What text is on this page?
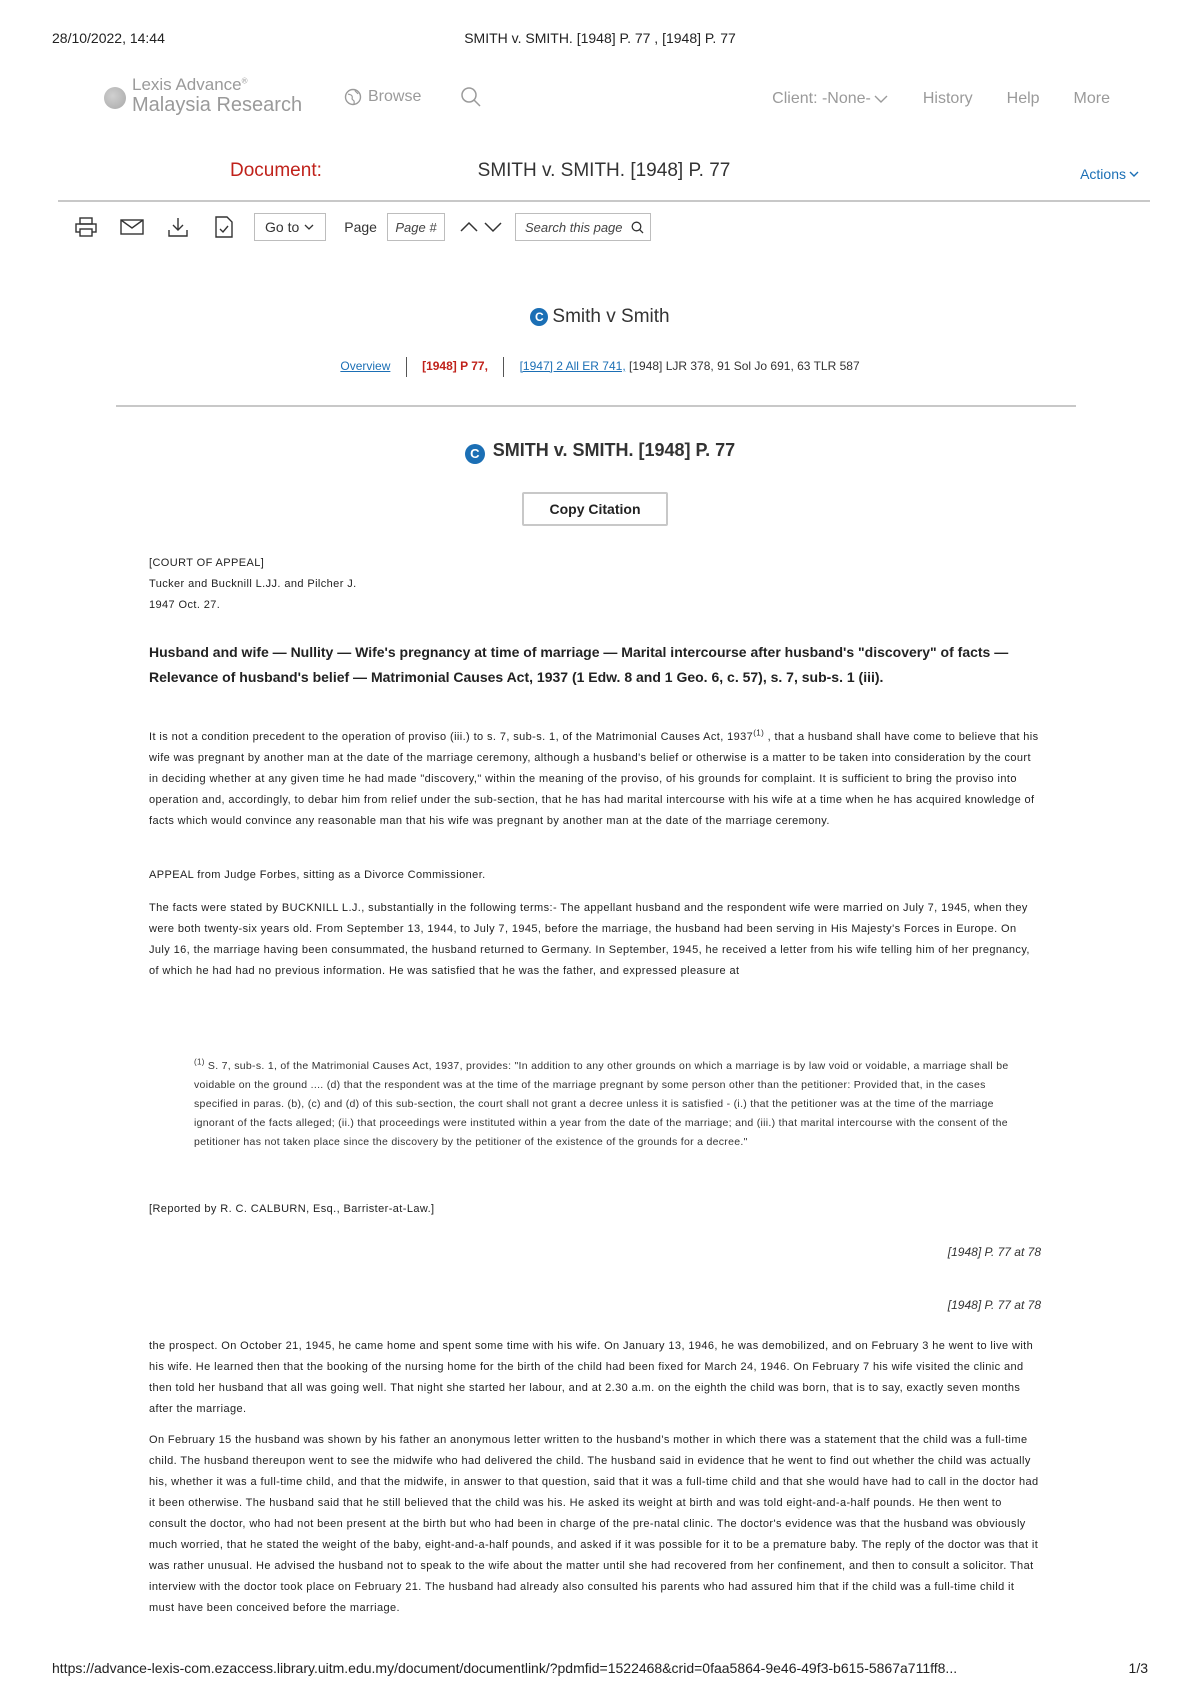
28/10/2022, 14:44	SMITH v. SMITH. [1948] P. 77 , [1948] P. 77
Lexis Advance®
Malaysia Research	Browse	Client: -None-	History Help More
Document:	SMITH v. SMITH. [1948] P. 77	Actions
Go to	Page	Page #	Search this page
C Smith v Smith
Overview	[1948] P 77,	[1947] 2 All ER 741, [1948] LJR 378, 91 Sol Jo 691, 63 TLR 587
C SMITH v. SMITH. [1948] P. 77
Copy Citation
[COURT OF APPEAL]
Tucker and Bucknill L.JJ. and Pilcher J.
1947 Oct. 27.
Husband and wife — Nullity — Wife's pregnancy at time of marriage — Marital intercourse after husband's "discovery" of facts — Relevance of husband's belief — Matrimonial Causes Act, 1937 (1 Edw. 8 and 1 Geo. 6, c. 57), s. 7, sub-s. 1 (iii).
It is not a condition precedent to the operation of proviso (iii.) to s. 7, sub-s. 1, of the Matrimonial Causes Act, 1937$^{(1)}$ , that a husband shall have come to believe that his wife was pregnant by another man at the date of the marriage ceremony, although a husband's belief or otherwise is a matter to be taken into consideration by the court in deciding whether at any given time he had made "discovery," within the meaning of the proviso, of his grounds for complaint. It is sufficient to bring the proviso into operation and, accordingly, to debar him from relief under the sub-section, that he has had marital intercourse with his wife at a time when he has acquired knowledge of facts which would convince any reasonable man that his wife was pregnant by another man at the date of the marriage ceremony.
APPEAL from Judge Forbes, sitting as a Divorce Commissioner.
The facts were stated by BUCKNILL L.J., substantially in the following terms:- The appellant husband and the respondent wife were married on July 7, 1945, when they were both twenty-six years old. From September 13, 1944, to July 7, 1945, before the marriage, the husband had been serving in His Majesty's Forces in Europe. On July 16, the marriage having been consummated, the husband returned to Germany. In September, 1945, he received a letter from his wife telling him of her pregnancy, of which he had had no previous information. He was satisfied that he was the father, and expressed pleasure at
$^{(1)}$ S. 7, sub-s. 1, of the Matrimonial Causes Act, 1937, provides: "In addition to any other grounds on which a marriage is by law void or voidable, a marriage shall be voidable on the ground .... (d) that the respondent was at the time of the marriage pregnant by some person other than the petitioner: Provided that, in the cases specified in paras. (b), (c) and (d) of this sub-section, the court shall not grant a decree unless it is satisfied - (i.) that the petitioner was at the time of the marriage ignorant of the facts alleged; (ii.) that proceedings were instituted within a year from the date of the marriage; and (iii.) that marital intercourse with the consent of the petitioner has not taken place since the discovery by the petitioner of the existence of the grounds for a decree."
[Reported by R. C. CALBURN, Esq., Barrister-at-Law.]
[1948] P. 77 at 78
[1948] P. 77 at 78
the prospect. On October 21, 1945, he came home and spent some time with his wife. On January 13, 1946, he was demobilized, and on February 3 he went to live with his wife. He learned then that the booking of the nursing home for the birth of the child had been fixed for March 24, 1946. On February 7 his wife visited the clinic and then told her husband that all was going well. That night she started her labour, and at 2.30 a.m. on the eighth the child was born, that is to say, exactly seven months after the marriage.
On February 15 the husband was shown by his father an anonymous letter written to the husband's mother in which there was a statement that the child was a full-time child. The husband thereupon went to see the midwife who had delivered the child. The husband said in evidence that he went to find out whether the child was actually his, whether it was a full-time child, and that the midwife, in answer to that question, said that it was a full-time child and that she would have had to call in the doctor had it been otherwise. The husband said that he still believed that the child was his. He asked its weight at birth and was told eight-and-a-half pounds. He then went to consult the doctor, who had not been present at the birth but who had been in charge of the pre-natal clinic. The doctor's evidence was that the husband was obviously much worried, that he stated the weight of the baby, eight-and-a-half pounds, and asked if it was possible for it to be a premature baby. The reply of the doctor was that it was rather unusual. He advised the husband not to speak to the wife about the matter until she had recovered from her confinement, and then to consult a solicitor. That interview with the doctor took place on February 21. The husband had already also consulted his parents who had assured him that if the child was a full-time child it must have been conceived before the marriage.
https://advance-lexis-com.ezaccess.library.uitm.edu.my/document/documentlink/?pdmfid=1522468&crid=0faa5864-9e46-49f3-b615-5867a711ff8...	1/3
